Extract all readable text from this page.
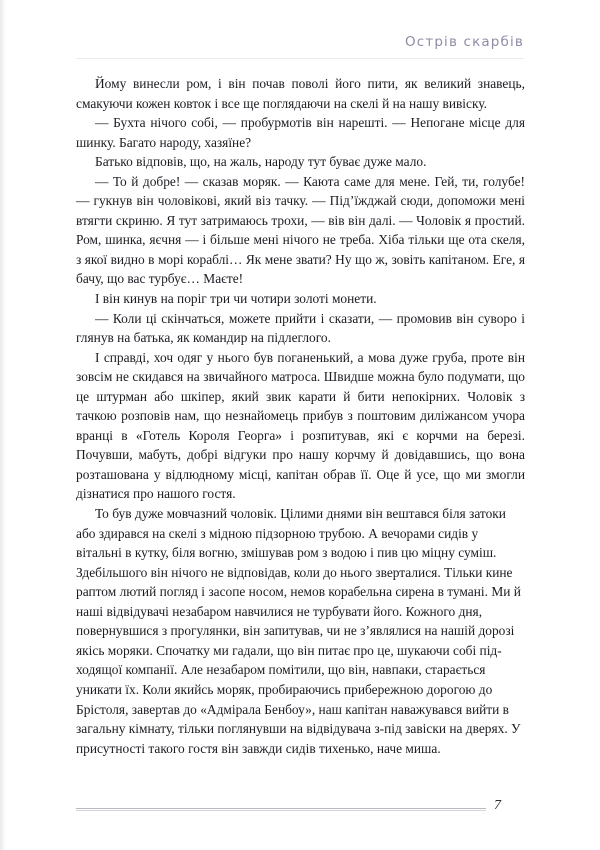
Острів скарбів

Йому винесли ром, і він почав поволі його пити, як великий знавець, смакуючи кожен ковток і все ще поглядаючи на скелі й на нашу вивіску.

— Бухта нічого собі, — пробурмотів він нарешті. — Непогане місце для шинку. Багато народу, хазяїне?

Батько відповів, що, на жаль, народу тут буває дуже мало.

— То й добре! — сказав моряк. — Каюта саме для мене. Гей, ти, голубе! — гукнув він чоловікові, який віз тачку. — Під’їжджай сюди, допоможи мені втягти скриню. Я тут затримаюсь трохи, — вів він далі. — Чоловік я простий. Ром, шинка, яєчня — і більше мені нічого не треба. Хіба тільки ще ота скеля, з якої видно в морі кораблі… Як мене звати? Ну що ж, зовіть капітаном. Еге, я бачу, що вас турбує… Маєте!

І він кинув на поріг три чи чотири золоті монети.

— Коли ці скінчаться, можете прийти і сказати, — промовив він суворо і глянув на батька, як командир на підлеглого.

І справді, хоч одяг у нього був поганенький, а мова дуже груба, проте він зовсім не скидався на звичайного матроса. Швидше можна було подумати, що це штурман або шкіпер, який звик карати й бити непокірних. Чоловік з тачкою розповів нам, що незнайомець прибув з поштовим диліжансом учора вранці в «Готель Короля Георга» і розпитував, які є корчми на березі. Почувши, мабуть, добрі відгуки про нашу корчму й довідавшись, що вона розташована у відлюдному місці, капітан обрав її. Оце й усе, що ми змогли дізнатися про нашого гостя.

То був дуже мовчазний чоловік. Цілими днями він вештався біля затоки або здирався на скелі з мідною підзорною трубою. А вечорами сидів у вітальні в кутку, біля вогню, змішував ром з водою і пив цю міцну суміш. Здебільшого він нічого не відповідав, коли до нього зверталися. Тільки кине раптом лютий погляд і засопе носом, немов корабельна сирена в тумані. Ми й наші відвідувачі незабаром навчилися не турбувати його. Кожного дня, повернувшися з прогулянки, він запитував, чи не з’являлися на нашій дорозі якісь моряки. Спочатку ми гадали, що він питає про це, шукаючи собі підходящої компанії. Але незабаром помітили, що він, навпаки, старається уникати їх. Коли якийсь моряк, пробираючись прибережною дорогою до Брістоля, завертав до «Адмірала Бенбоу», наш капітан наважувався вийти в загальну кімнату, тільки поглянувши на відвідувача з-під завіски на дверях. У присутності такого гостя він завжди сидів тихенько, наче миша.

7
